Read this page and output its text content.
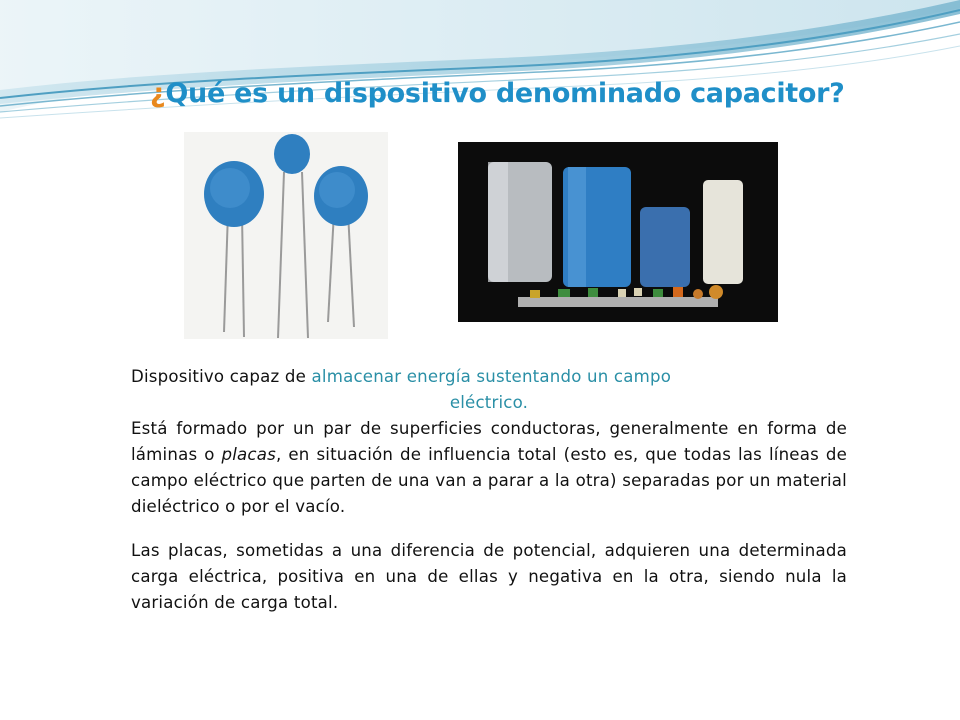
¿Qué es un dispositivo denominado capacitor?

Dispositivo capaz de almacenar energía sustentando un campo
eléctrico.

Está formado por un par de superficies conductoras, generalmente en forma de láminas o placas, en situación de influencia total (esto es, que todas las líneas de campo eléctrico que parten de una van a parar a la otra) separadas por un material dieléctrico o por el vacío.

Las placas, sometidas a una diferencia de potencial, adquieren una determinada carga eléctrica, positiva en una de ellas y negativa en la otra, siendo nula la variación de carga total.
